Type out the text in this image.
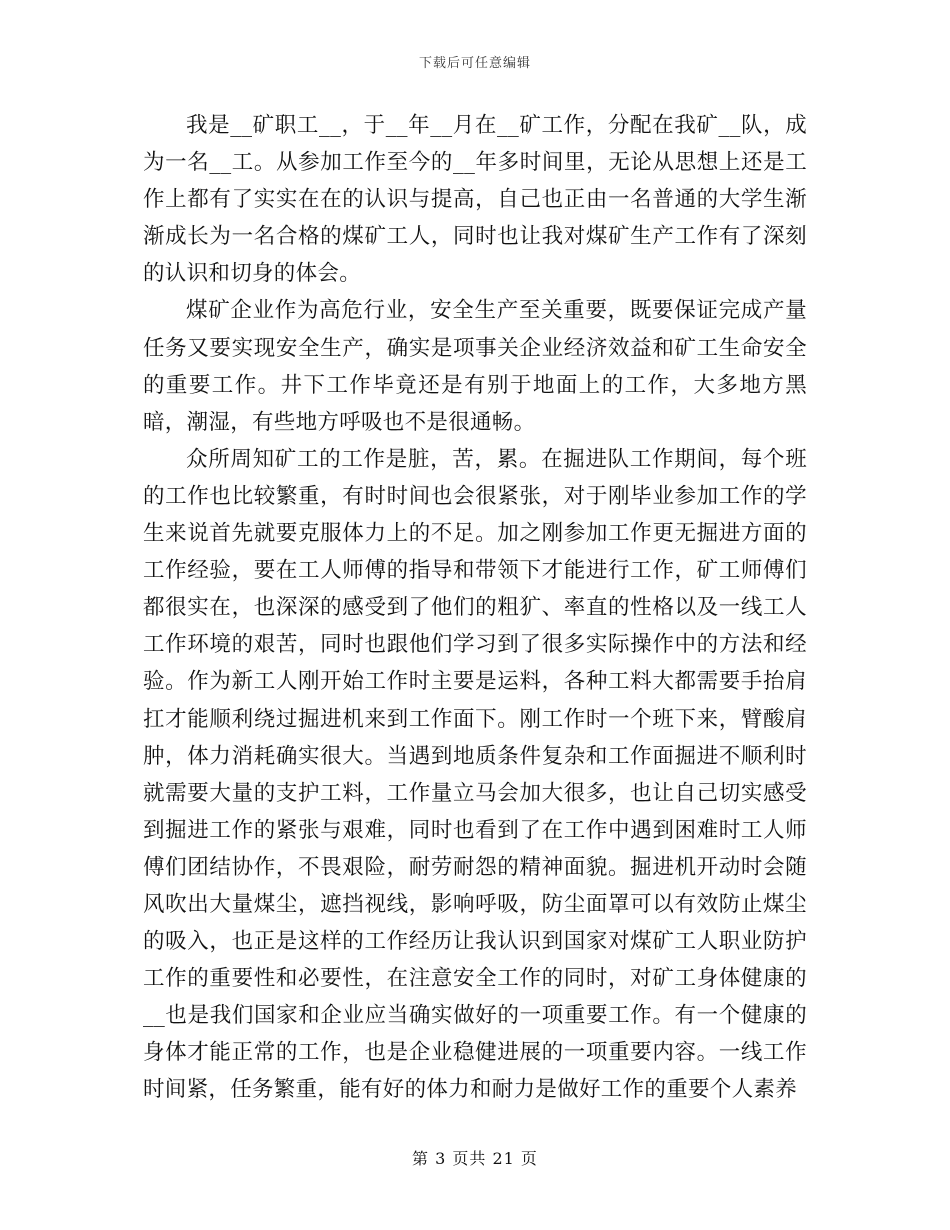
下载后可任意编辑

我是__矿职工__，于__年__月在__矿工作，分配在我矿__队，成为一名__工。从参加工作至今的__年多时间里，无论从思想上还是工作上都有了实实在在的认识与提高，自己也正由一名普通的大学生渐渐成长为一名合格的煤矿工人，同时也让我对煤矿生产工作有了深刻的认识和切身的体会。

煤矿企业作为高危行业，安全生产至关重要，既要保证完成产量任务又要实现安全生产，确实是项事关企业经济效益和矿工生命安全的重要工作。井下工作毕竟还是有别于地面上的工作，大多地方黑暗，潮湿，有些地方呼吸也不是很通畅。

众所周知矿工的工作是脏，苦，累。在掘进队工作期间，每个班的工作也比较繁重，有时时间也会很紧张，对于刚毕业参加工作的学生来说首先就要克服体力上的不足。加之刚参加工作更无掘进方面的工作经验，要在工人师傅的指导和带领下才能进行工作，矿工师傅们都很实在，也深深的感受到了他们的粗犷、率直的性格以及一线工人工作环境的艰苦，同时也跟他们学习到了很多实际操作中的方法和经验。作为新工人刚开始工作时主要是运料，各种工料大都需要手抬肩扛才能顺利绕过掘进机来到工作面下。刚工作时一个班下来，臂酸肩肿，体力消耗确实很大。当遇到地质条件复杂和工作面掘进不顺利时就需要大量的支护工料，工作量立马会加大很多，也让自己切实感受到掘进工作的紧张与艰难，同时也看到了在工作中遇到困难时工人师傅们团结协作，不畏艰险，耐劳耐怨的精神面貌。掘进机开动时会随风吹出大量煤尘，遮挡视线，影响呼吸，防尘面罩可以有效防止煤尘的吸入，也正是这样的工作经历让我认识到国家对煤矿工人职业防护工作的重要性和必要性，在注意安全工作的同时，对矿工身体健康的__也是我们国家和企业应当确实做好的一项重要工作。有一个健康的身体才能正常的工作，也是企业稳健进展的一项重要内容。一线工作时间紧，任务繁重，能有好的体力和耐力是做好工作的重要个人素养

第 3 页共 21 页
